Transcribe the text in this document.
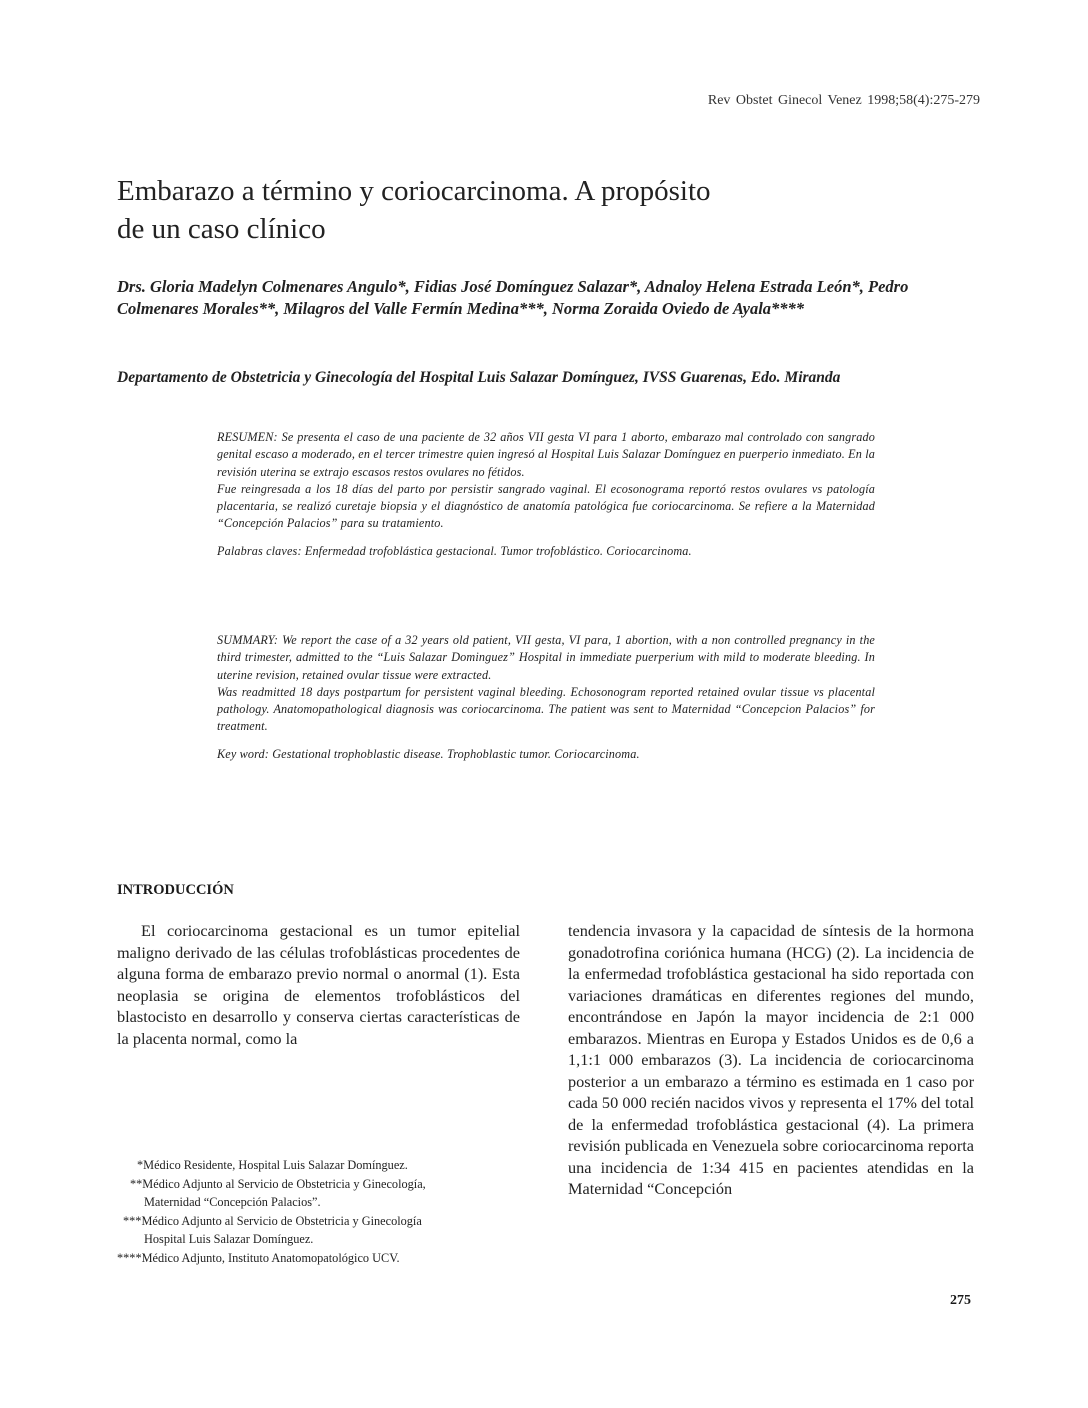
Rev Obstet Ginecol Venez 1998;58(4):275-279
Embarazo a término y coriocarcinoma. A propósito
de un caso clínico
Drs. Gloria Madelyn Colmenares Angulo*, Fidias José Domínguez Salazar*, Adnaloy Helena Estrada León*, Pedro Colmenares Morales**, Milagros del Valle Fermín Medina***, Norma Zoraida Oviedo de Ayala****
Departamento de Obstetricia y Ginecología del Hospital Luis Salazar Domínguez, IVSS Guarenas, Edo. Miranda

RESUMEN: Se presenta el caso de una paciente de 32 años VII gesta VI para 1 aborto, embarazo mal controlado con sangrado genital escaso a moderado, en el tercer trimestre quien ingresó al Hospital Luis Salazar Domínguez en puerperio inmediato. En la revisión uterina se extrajo escasos restos ovulares no fétidos.

Fue reingresada a los 18 días del parto por persistir sangrado vaginal. El ecosonograma reportó restos ovulares vs patología placentaria, se realizó curetaje biopsia y el diagnóstico de anatomía patológica fue coriocarcinoma. Se refiere a la Maternidad “Concepción Palacios” para su tratamiento.

Palabras claves: Enfermedad trofoblástica gestacional. Tumor trofoblástico. Coriocarcinoma.

SUMMARY: We report the case of a 32 years old patient, VII gesta, VI para, 1 abortion, with a non controlled pregnancy in the third trimester, admitted to the “Luis Salazar Dominguez” Hospital in immediate puerperium with mild to moderate bleeding. In uterine revision, retained ovular tissue were extracted.

Was readmitted 18 days postpartum for persistent vaginal bleeding. Echosonogram reported retained ovular tissue vs placental pathology. Anatomopathological diagnosis was coriocarcinoma. The patient was sent to Maternidad “Concepcion Palacios” for treatment.

Key word: Gestational trophoblastic disease. Trophoblastic tumor. Coriocarcinoma.

INTRODUCCIÓN

El coriocarcinoma gestacional es un tumor epitelial maligno derivado de las células trofoblásticas procedentes de alguna forma de embarazo previo normal o anormal (1). Esta neoplasia se origina de elementos trofoblásticos del blastocisto en desarrollo y conserva ciertas características de la placenta normal, como la

tendencia invasora y la capacidad de síntesis de la hormona gonadotrofina coriónica humana (HCG) (2). La incidencia de la enfermedad trofoblástica gestacional ha sido reportada con variaciones dramáticas en diferentes regiones del mundo, encontrándose en Japón la mayor incidencia de 2:1 000 embarazos. Mientras en Europa y Estados Unidos es de 0,6 a 1,1:1 000 embarazos (3). La incidencia de coriocarcinoma posterior a un embarazo a término es estimada en 1 caso por cada 50 000 recién nacidos vivos y representa el 17% del total de la enfermedad trofoblástica gestacional (4). La primera revisión publicada en Venezuela sobre coriocarcinoma reporta una incidencia de 1:34 415 en pacientes atendidas en la Maternidad “Concepción

*Médico Residente, Hospital Luis Salazar Domínguez.
**Médico Adjunto al Servicio de Obstetricia y Ginecología,
Maternidad “Concepción Palacios”.
***Médico Adjunto al Servicio de Obstetricia y Ginecología
Hospital Luis Salazar Domínguez.
****Médico Adjunto, Instituto Anatomopatológico UCV.
275
